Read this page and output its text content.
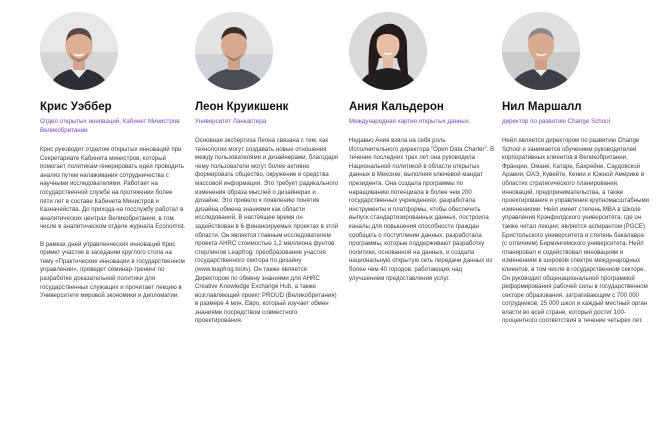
Крис Уэббер
Отдел открытых инноваций, Кабинет Министров Великобритании

Крис руководит отделом открытых инноваций при Секретариате Кабинета министров, который помогает политикам генерировать идеи проводить анализ путем налаживания сотрудничества с научными исследователями. Работает на государственной службе на протяжении более пяти лет в составе Кабинета Министров и Казначейства. До прихода на госслужбу работал в аналитических центрах Великобритании, в том числе в аналитическом отделе журнала Economist.

В рамках дней управленческих инноваций Крис примет участие в заседании круглого стола на тему «Практические инновации в государственном управлении», проведет семинар-тренинг по разработке доказательной политики для государственных служащих и прочитает лекцию в Университете мировой экономики и дипломатии.

Леон Круикшенк
Университет Ланкастера

Основная экспертиза Леона связана с тем, как технологии могут создавать новые отношения между пользователями и дизайнерами, благодаря чему пользователи могут более активно формировать общество, окружение и средства массовой информации. Это требует радикального изменения образа мыслей о дизайнерах и дизайне. Это привело к появлению понятия дизайна обмена знаниями как области исследований. В настоящее время он задействован в 6 финансируемых проектах в этой области. Он является главным исследователем проекта AHRC стоимостью 1,2 миллиона фунтов стерлингов Leapfrog: преобразование участия государственного сектора по дизайну (www.leapfrog.tools). Он также является Директором по обмену знаниями для AHRC Creative Knowledge Exchange Hub, а также возглавляющий проект PROUD (Великобритания) в размере 4 млн. Евро, который изучает обмен знаниями посредством совместного проектирования.

Ания Кальдерон
Международная хартия открытых данных

Недавно Ания взяла на себя роль Исполнительного директора "Open Data Charter". В течение последних трех лет она руководила Национальной политикой в области открытых данных в Мексике, выполняя ключевой мандат президента. Она создала программы по наращиванию потенциала в более чем 200 государственных учреждениях, разработала инструменты и платформы, чтобы обеспечить выпуск стандартизированных данных, построила каналы для повышения способности граждан сообщать о поступлении данных, разработала программы, которые поддерживают разработку политики, основанной на данных, и создала национальную открытую сеть передачи данных из более чем 40 городов, работающих над улучшением предоставления услуг.

Нил Маршалл
директор по развитию Change School

Нейл является директором по развитию Change School и занимается обучением руководителей корпоративных клиентов в Великобритании, Франции, Омане, Катаре, Бахрейне, Саудовской Аравии, ОАЭ, Кувейте, Кении и Южной Америке в областях стратегического планирования, инноваций, предпринимательства, а также проектирования и управления крупномасштабными изменениями. Нейл имеет степень MBA в Школе управления Крэнфилдского университета, где он также читал лекции; является аспирантом (PGCE) Бристольского университета и степень бакалавра (с отличием) Бирмингемского университета. Нейл планировал и содействовал инновациям и изменениям в широком спектре международных клиентов, в том числе в государственном секторе. Он руководил общенациональной программой реформирования рабочей силы в государственном секторе образования, затрагивающим с 700 000 сотрудников, 25 000 школ и каждый местный орган власти во всей стране, который достиг 100-процентного соответствия в течение четырех лет.
